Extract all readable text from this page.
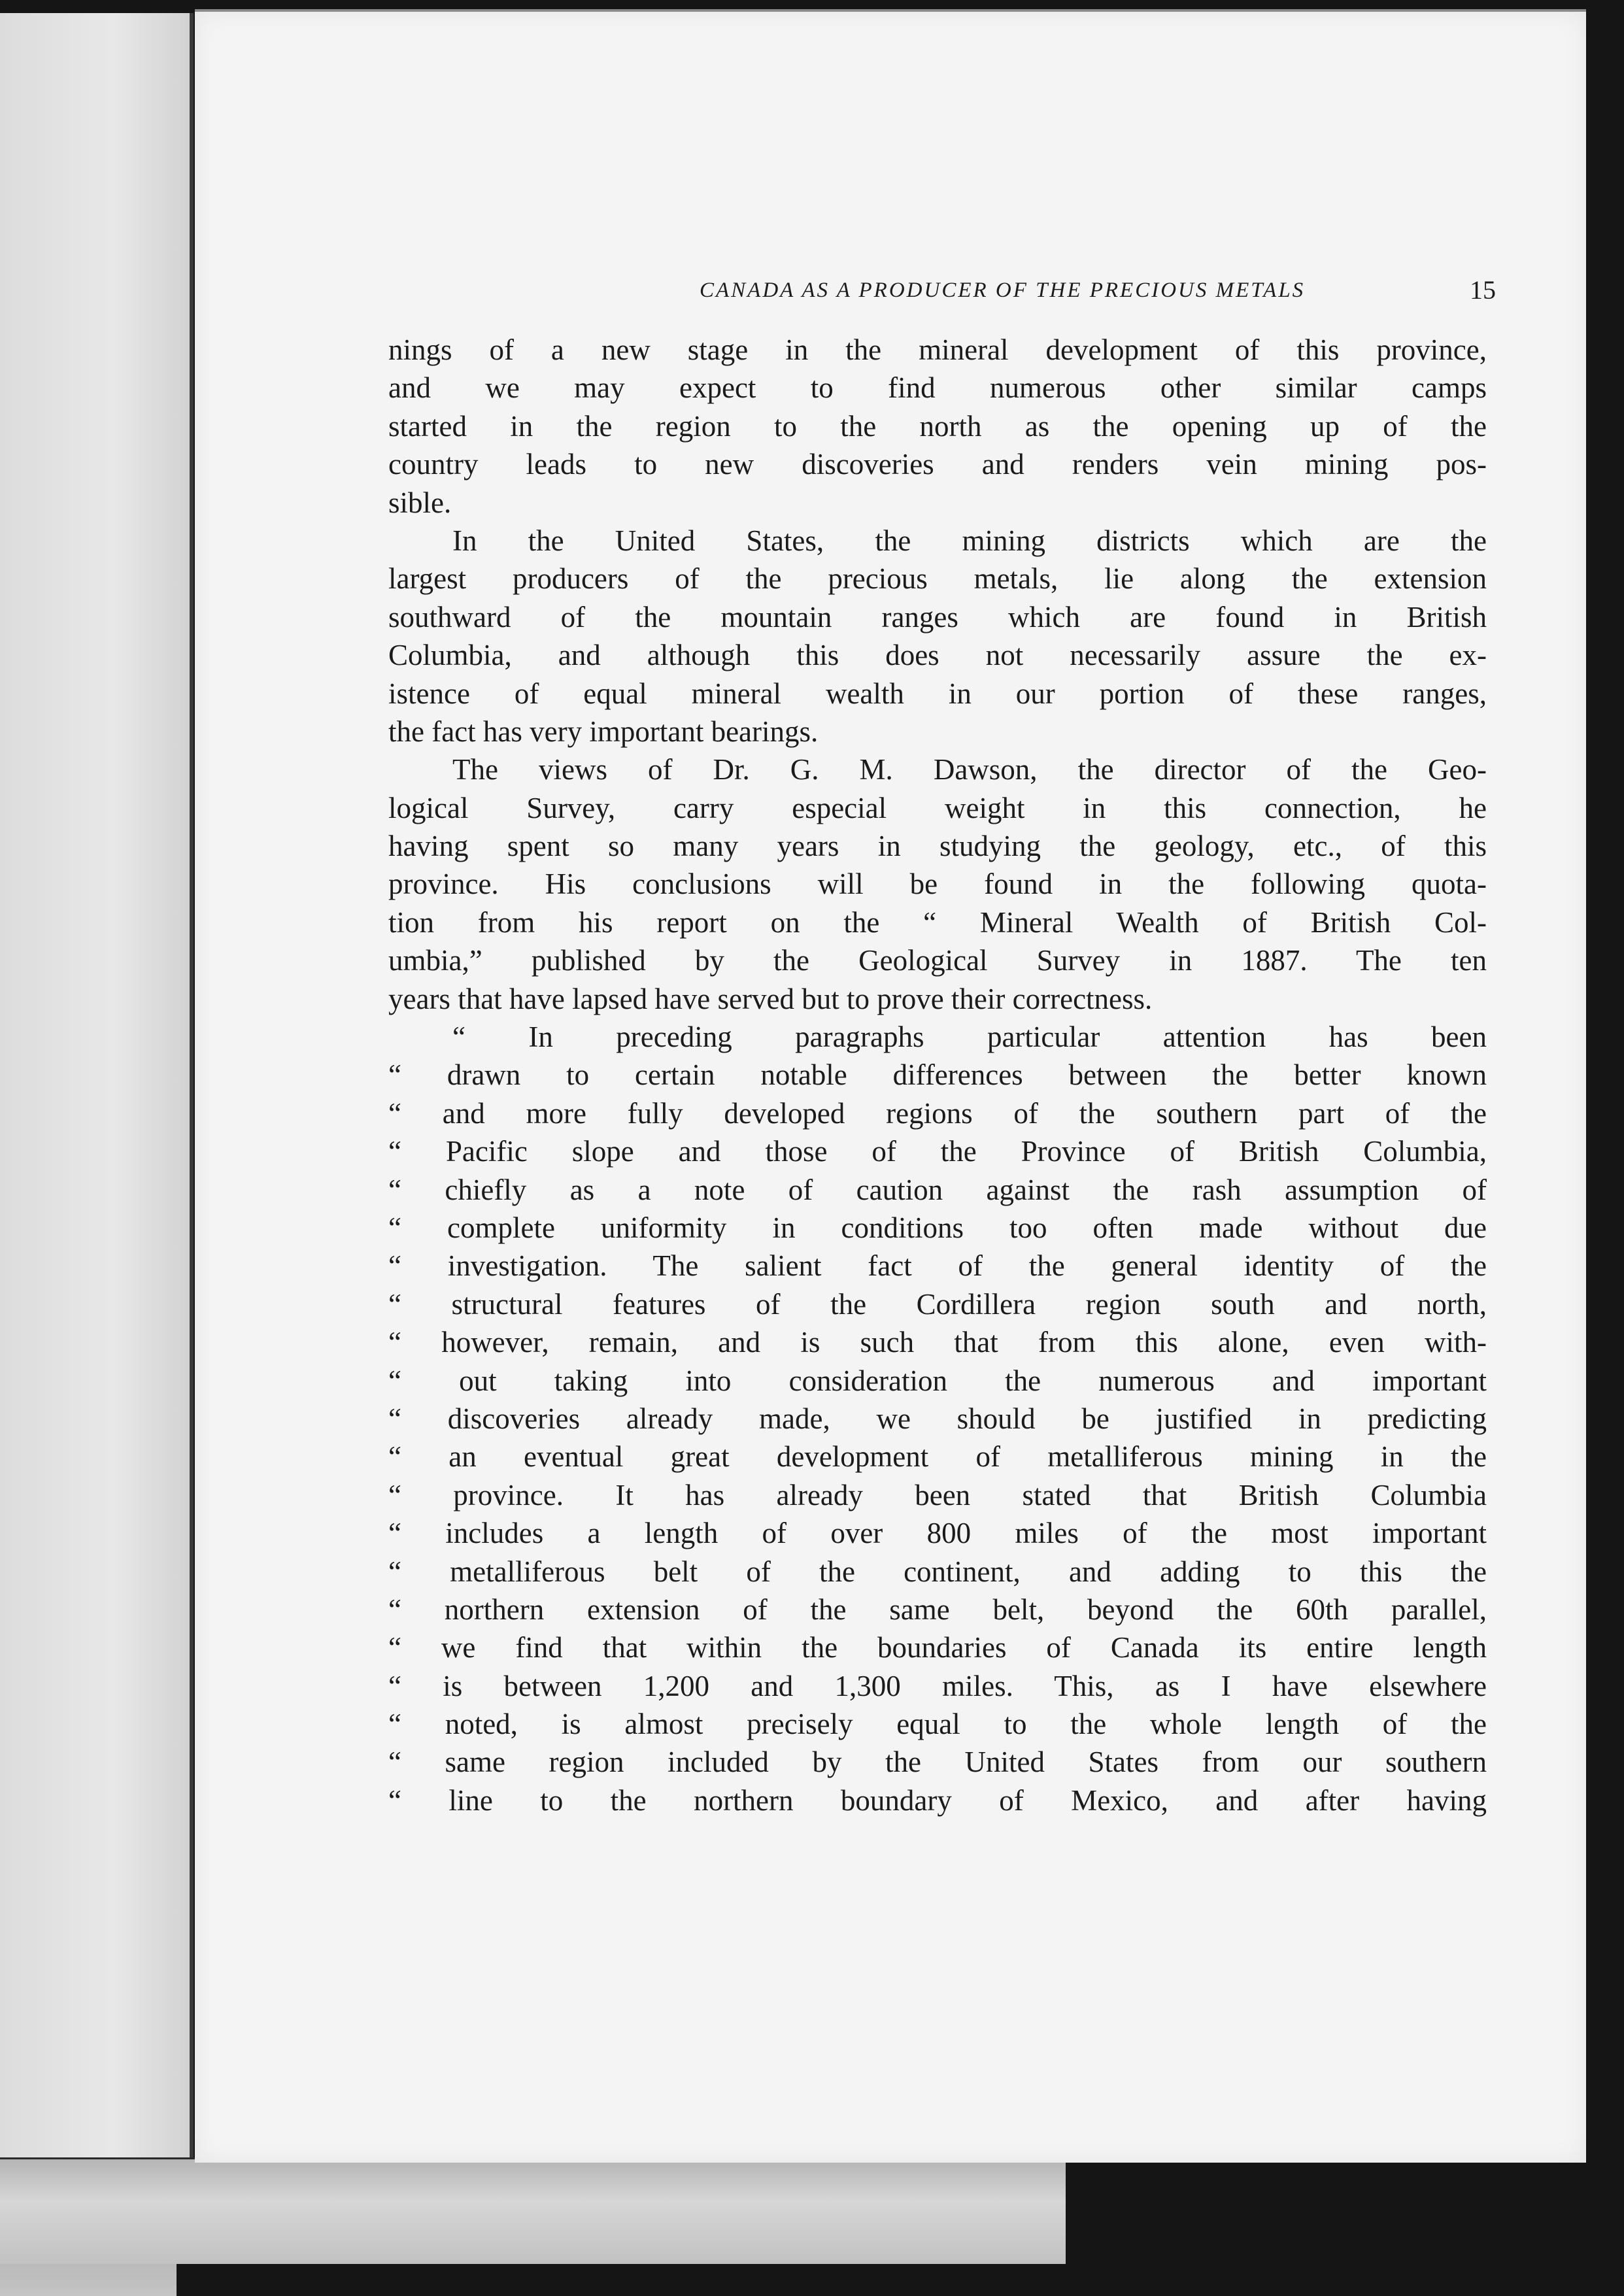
CANADA AS A PRODUCER OF THE PRECIOUS METALS	15
nings of a new stage in the mineral development of this province,
and we may expect to find numerous other similar camps
started in the region to the north as the opening up of the
country leads to new discoveries and renders vein mining pos-
sible.
In the United States, the mining districts which are the
largest producers of the precious metals, lie along the extension
southward of the mountain ranges which are found in British
Columbia, and although this does not necessarily assure the ex-
istence of equal mineral wealth in our portion of these ranges,
the fact has very important bearings.
The views of Dr. G. M. Dawson, the director of the Geo-
logical Survey, carry especial weight in this connection, he
having spent so many years in studying the geology, etc., of this
province. His conclusions will be found in the following quota-
tion from his report on the “ Mineral Wealth of British Col-
umbia,” published by the Geological Survey in 1887. The ten
years that have lapsed have served but to prove their correctness.
“ In preceding paragraphs particular attention has been
“ drawn to certain notable differences between the better known
“ and more fully developed regions of the southern part of the
“ Pacific slope and those of the Province of British Columbia,
“ chiefly as a note of caution against the rash assumption of
“ complete uniformity in conditions too often made without due
“ investigation. The salient fact of the general identity of the
“ structural features of the Cordillera region south and north,
“ however, remain, and is such that from this alone, even with-
“ out taking into consideration the numerous and important
“ discoveries already made, we should be justified in predicting
“ an eventual great development of metalliferous mining in the
“ province. It has already been stated that British Columbia
“ includes a length of over 800 miles of the most important
“ metalliferous belt of the continent, and adding to this the
“ northern extension of the same belt, beyond the 60th parallel,
“ we find that within the boundaries of Canada its entire length
“ is between 1,200 and 1,300 miles. This, as I have elsewhere
“ noted, is almost precisely equal to the whole length of the
“ same region included by the United States from our southern
“ line to the northern boundary of Mexico, and after having
